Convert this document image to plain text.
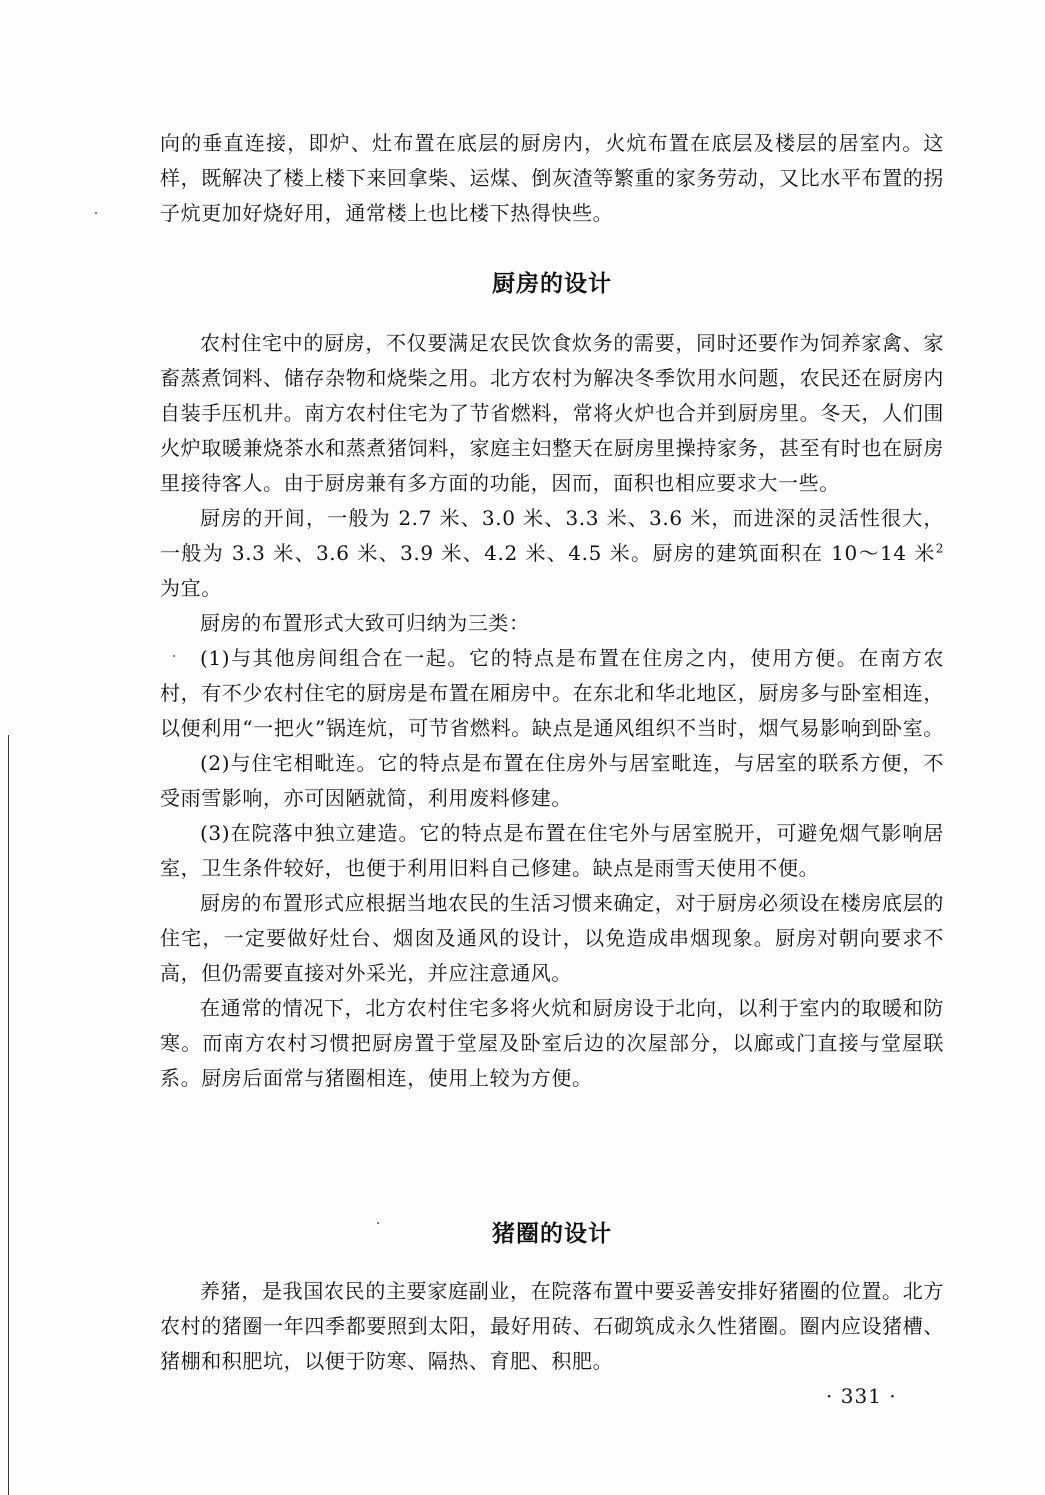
向的垂直连接，即炉、灶布置在底层的厨房内，火炕布置在底层及楼层的居室内。这样，既解决了楼上楼下来回拿柴、运煤、倒灰渣等繁重的家务劳动，又比水平布置的拐子炕更加好烧好用，通常楼上也比楼下热得快些。

厨房的设计

农村住宅中的厨房，不仅要满足农民饮食炊务的需要，同时还要作为饲养家禽、家畜蒸煮饲料、储存杂物和烧柴之用。北方农村为解决冬季饮用水问题，农民还在厨房内自装手压机井。南方农村住宅为了节省燃料，常将火炉也合并到厨房里。冬天，人们围火炉取暖兼烧茶水和蒸煮猪饲料，家庭主妇整天在厨房里操持家务，甚至有时也在厨房里接待客人。由于厨房兼有多方面的功能，因而，面积也相应要求大一些。

厨房的开间，一般为 2.7 米、3.0 米、3.3 米、3.6 米，而进深的灵活性很大，一般为 3.3 米、3.6 米、3.9 米、4.2 米、4.5 米。厨房的建筑面积在 10～14 米$^2$ 为宜。

厨房的布置形式大致可归纳为三类：

(1)与其他房间组合在一起。它的特点是布置在住房之内，使用方便。在南方农村，有不少农村住宅的厨房是布置在厢房中。在东北和华北地区，厨房多与卧室相连，以便利用“一把火”锅连炕，可节省燃料。缺点是通风组织不当时，烟气易影响到卧室。

(2)与住宅相毗连。它的特点是布置在住房外与居室毗连，与居室的联系方便，不受雨雪影响，亦可因陋就简，利用废料修建。

(3)在院落中独立建造。它的特点是布置在住宅外与居室脱开，可避免烟气影响居室，卫生条件较好，也便于利用旧料自己修建。缺点是雨雪天使用不便。

厨房的布置形式应根据当地农民的生活习惯来确定，对于厨房必须设在楼房底层的住宅，一定要做好灶台、烟囱及通风的设计，以免造成串烟现象。厨房对朝向要求不高，但仍需要直接对外采光，并应注意通风。

在通常的情况下，北方农村住宅多将火炕和厨房设于北向，以利于室内的取暖和防寒。而南方农村习惯把厨房置于堂屋及卧室后边的次屋部分，以廊或门直接与堂屋联系。厨房后面常与猪圈相连，使用上较为方便。

猪圈的设计

养猪，是我国农民的主要家庭副业，在院落布置中要妥善安排好猪圈的位置。北方农村的猪圈一年四季都要照到太阳，最好用砖、石砌筑成永久性猪圈。圈内应设猪槽、猪棚和积肥坑，以便于防寒、隔热、育肥、积肥。

· 331 ·
